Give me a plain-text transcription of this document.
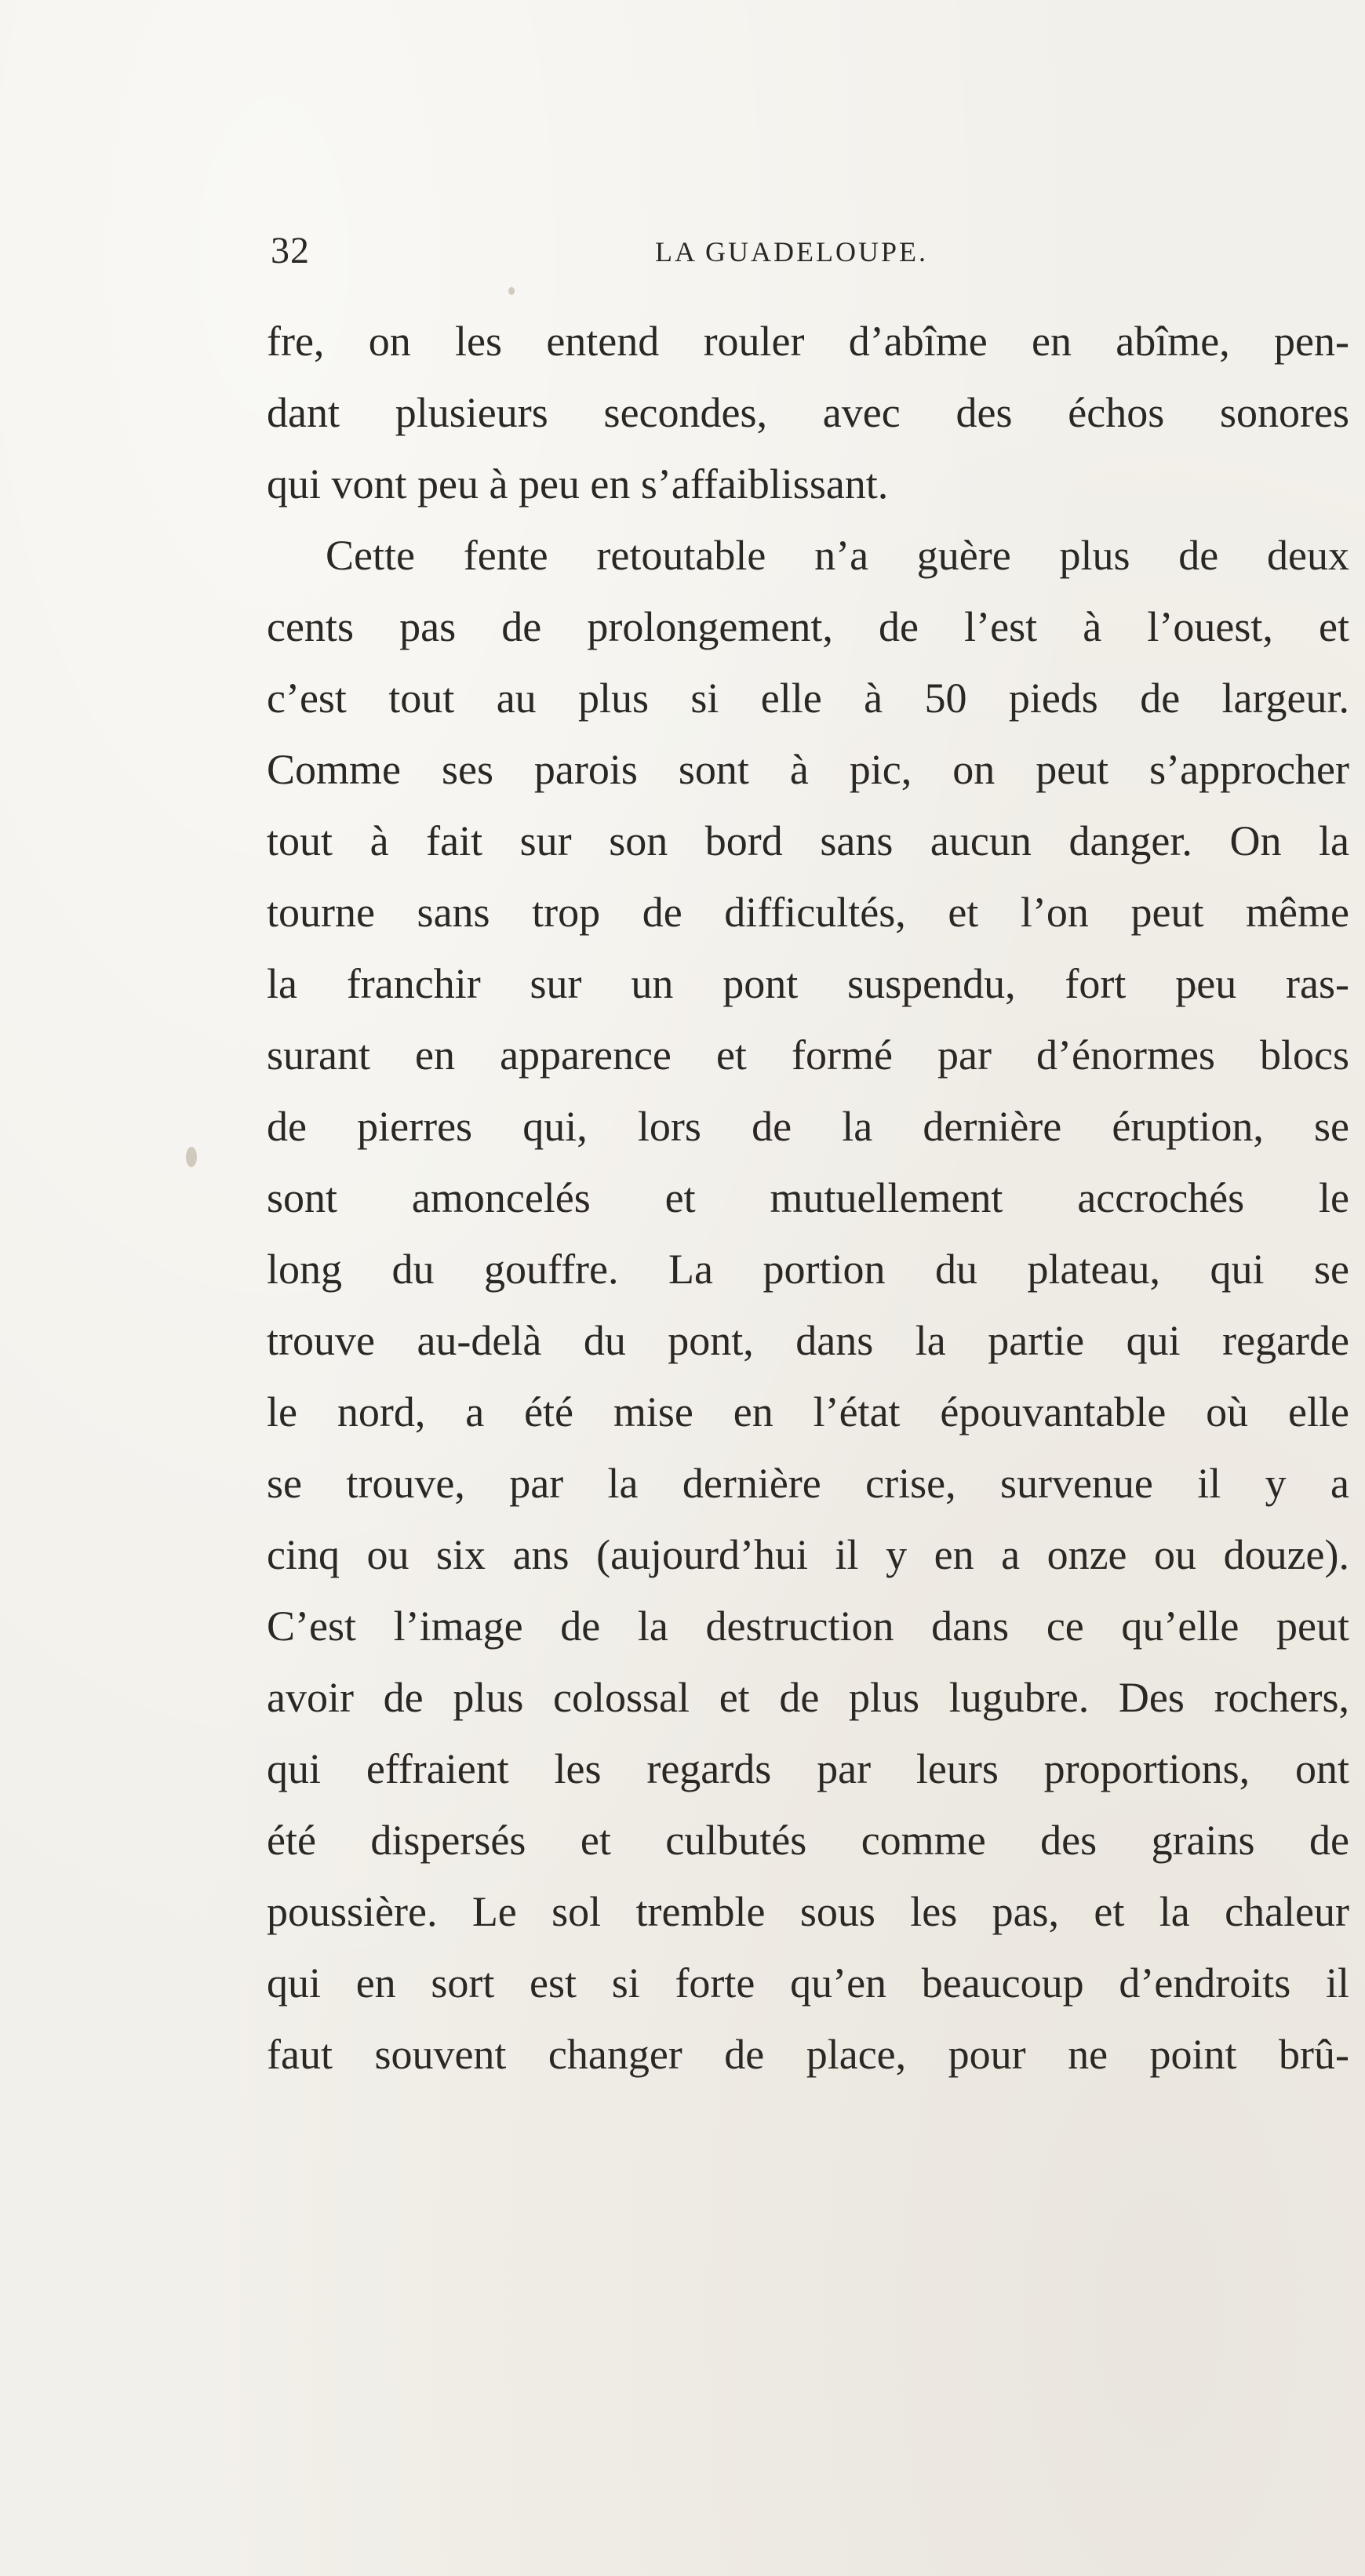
32	LA GUADELOUPE.
fre, on les entend rouler d’abîme en abîme, pen-
dant plusieurs secondes, avec des échos sonores
qui vont peu à peu en s’affaiblissant.
Cette fente retoutable n’a guère plus de deux
cents pas de prolongement, de l’est à l’ouest, et
c’est tout au plus si elle à 50 pieds de largeur.
Comme ses parois sont à pic, on peut s’approcher
tout à fait sur son bord sans aucun danger. On la
tourne sans trop de difficultés, et l’on peut même
la franchir sur un pont suspendu, fort peu ras-
surant en apparence et formé par d’énormes blocs
de pierres qui, lors de la dernière éruption, se
sont amoncelés et mutuellement accrochés le
long du gouffre. La portion du plateau, qui se
trouve au-delà du pont, dans la partie qui regarde
le nord, a été mise en l’état épouvantable où elle
se trouve, par la dernière crise, survenue il y a
cinq ou six ans (aujourd’hui il y en a onze ou douze).
C’est l’image de la destruction dans ce qu’elle peut
avoir de plus colossal et de plus lugubre. Des rochers,
qui effraient les regards par leurs proportions, ont
été dispersés et culbutés comme des grains de
poussière. Le sol tremble sous les pas, et la chaleur
qui en sort est si forte qu’en beaucoup d’endroits il
faut souvent changer de place, pour ne point brû-
